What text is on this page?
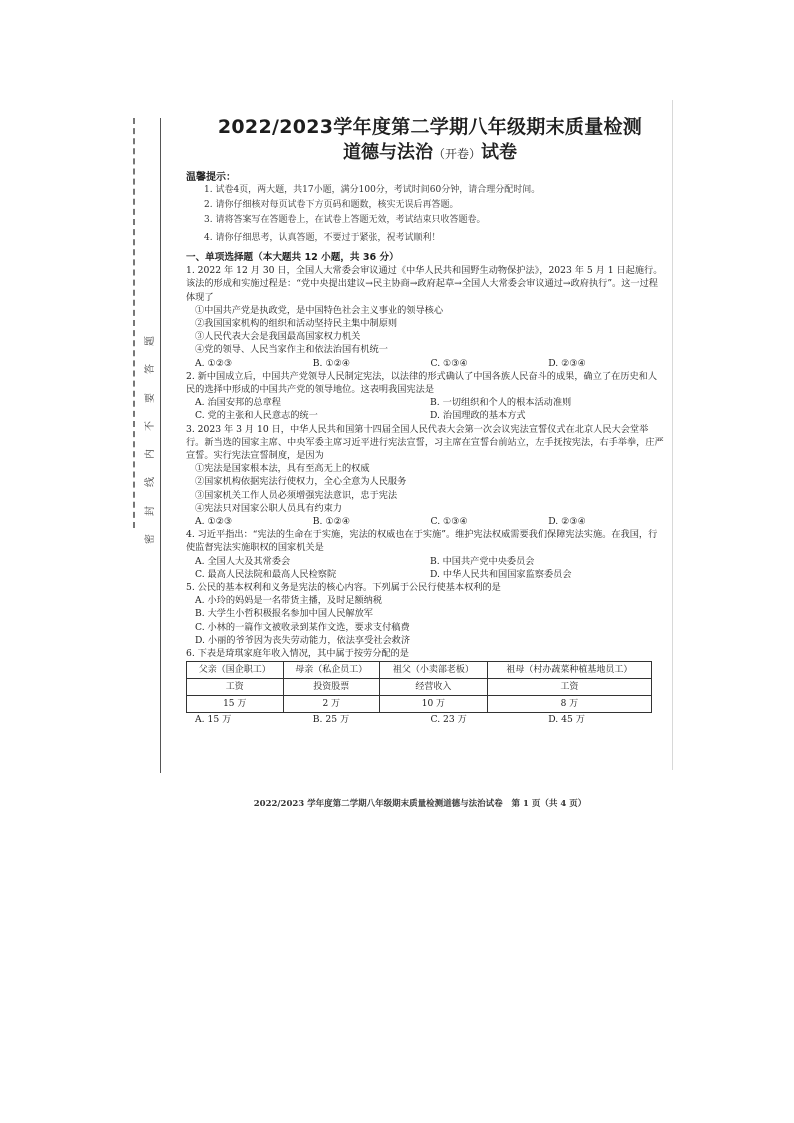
密
封
线
内
不
要
答
题
2022/2023学年度第二学期八年级期末质量检测
道德与法治（开卷）试卷
温馨提示：
1. 试卷4页，两大题，共17小题，满分100分，考试时间60分钟，请合理分配时间。
2. 请你仔细核对每页试卷下方页码和题数，核实无误后再答题。
3. 请将答案写在答题卷上，在试卷上答题无效，考试结束只收答题卷。
4. 请你仔细思考，认真答题，不要过于紧张，祝考试顺利！
一、单项选择题（本大题共 12 小题，共 36 分）
1. 2022 年 12 月 30 日，全国人大常委会审议通过《中华人民共和国野生动物保护法》，2023 年 5 月 1 日起施行。该法的形成和实施过程是：“党中央提出建议→民主协商→政府起草→全国人大常委会审议通过→政府执行”。这一过程体现了
①中国共产党是执政党，是中国特色社会主义事业的领导核心
②我国国家机构的组织和活动坚持民主集中制原则
③人民代表大会是我国最高国家权力机关
④党的领导、人民当家作主和依法治国有机统一
A. ①②③	B. ①②④	C. ①③④	D. ②③④
2. 新中国成立后，中国共产党领导人民制定宪法，以法律的形式确认了中国各族人民奋斗的成果，确立了在历史和人民的选择中形成的中国共产党的领导地位。这表明我国宪法是
A. 治国安邦的总章程	B. 一切组织和个人的根本活动准则
C. 党的主张和人民意志的统一	D. 治国理政的基本方式
3. 2023 年 3 月 10 日，中华人民共和国第十四届全国人民代表大会第一次会议宪法宣誓仪式在北京人民大会堂举行。新当选的国家主席、中央军委主席习近平进行宪法宣誓，习主席在宣誓台前站立，左手抚按宪法，右手举拳，庄严宣誓。实行宪法宣誓制度，是因为
①宪法是国家根本法，具有至高无上的权威
②国家机构依据宪法行使权力，全心全意为人民服务
③国家机关工作人员必须增强宪法意识，忠于宪法
④宪法只对国家公职人员具有约束力
A. ①②③	B. ①②④	C. ①③④	D. ②③④
4. 习近平指出：“宪法的生命在于实施，宪法的权威也在于实施”。维护宪法权威需要我们保障宪法实施。在我国，行使监督宪法实施职权的国家机关是
A. 全国人大及其常委会	B. 中国共产党中央委员会
C. 最高人民法院和最高人民检察院	D. 中华人民共和国国家监察委员会
5. 公民的基本权利和义务是宪法的核心内容。下列属于公民行使基本权利的是
A. 小玲的妈妈是一名带货主播，及时足额纳税
B. 大学生小哲积极报名参加中国人民解放军
C. 小林的一篇作文被收录到某作文选，要求支付稿费
D. 小丽的爷爷因为丧失劳动能力，依法享受社会救济
6. 下表是琦琪家庭年收入情况，其中属于按劳分配的是
父亲（国企职工）	母亲（私企员工）	祖父（小卖部老板）	祖母（村办蔬菜种植基地员工）
工资	投资股票	经营收入	工资
15 万	2 万	10 万	8 万
A. 15 万	B. 25 万	C. 23 万	D. 45 万
2022/2023 学年度第二学期八年级期末质量检测道德与法治试卷 第 1 页（共 4 页）
